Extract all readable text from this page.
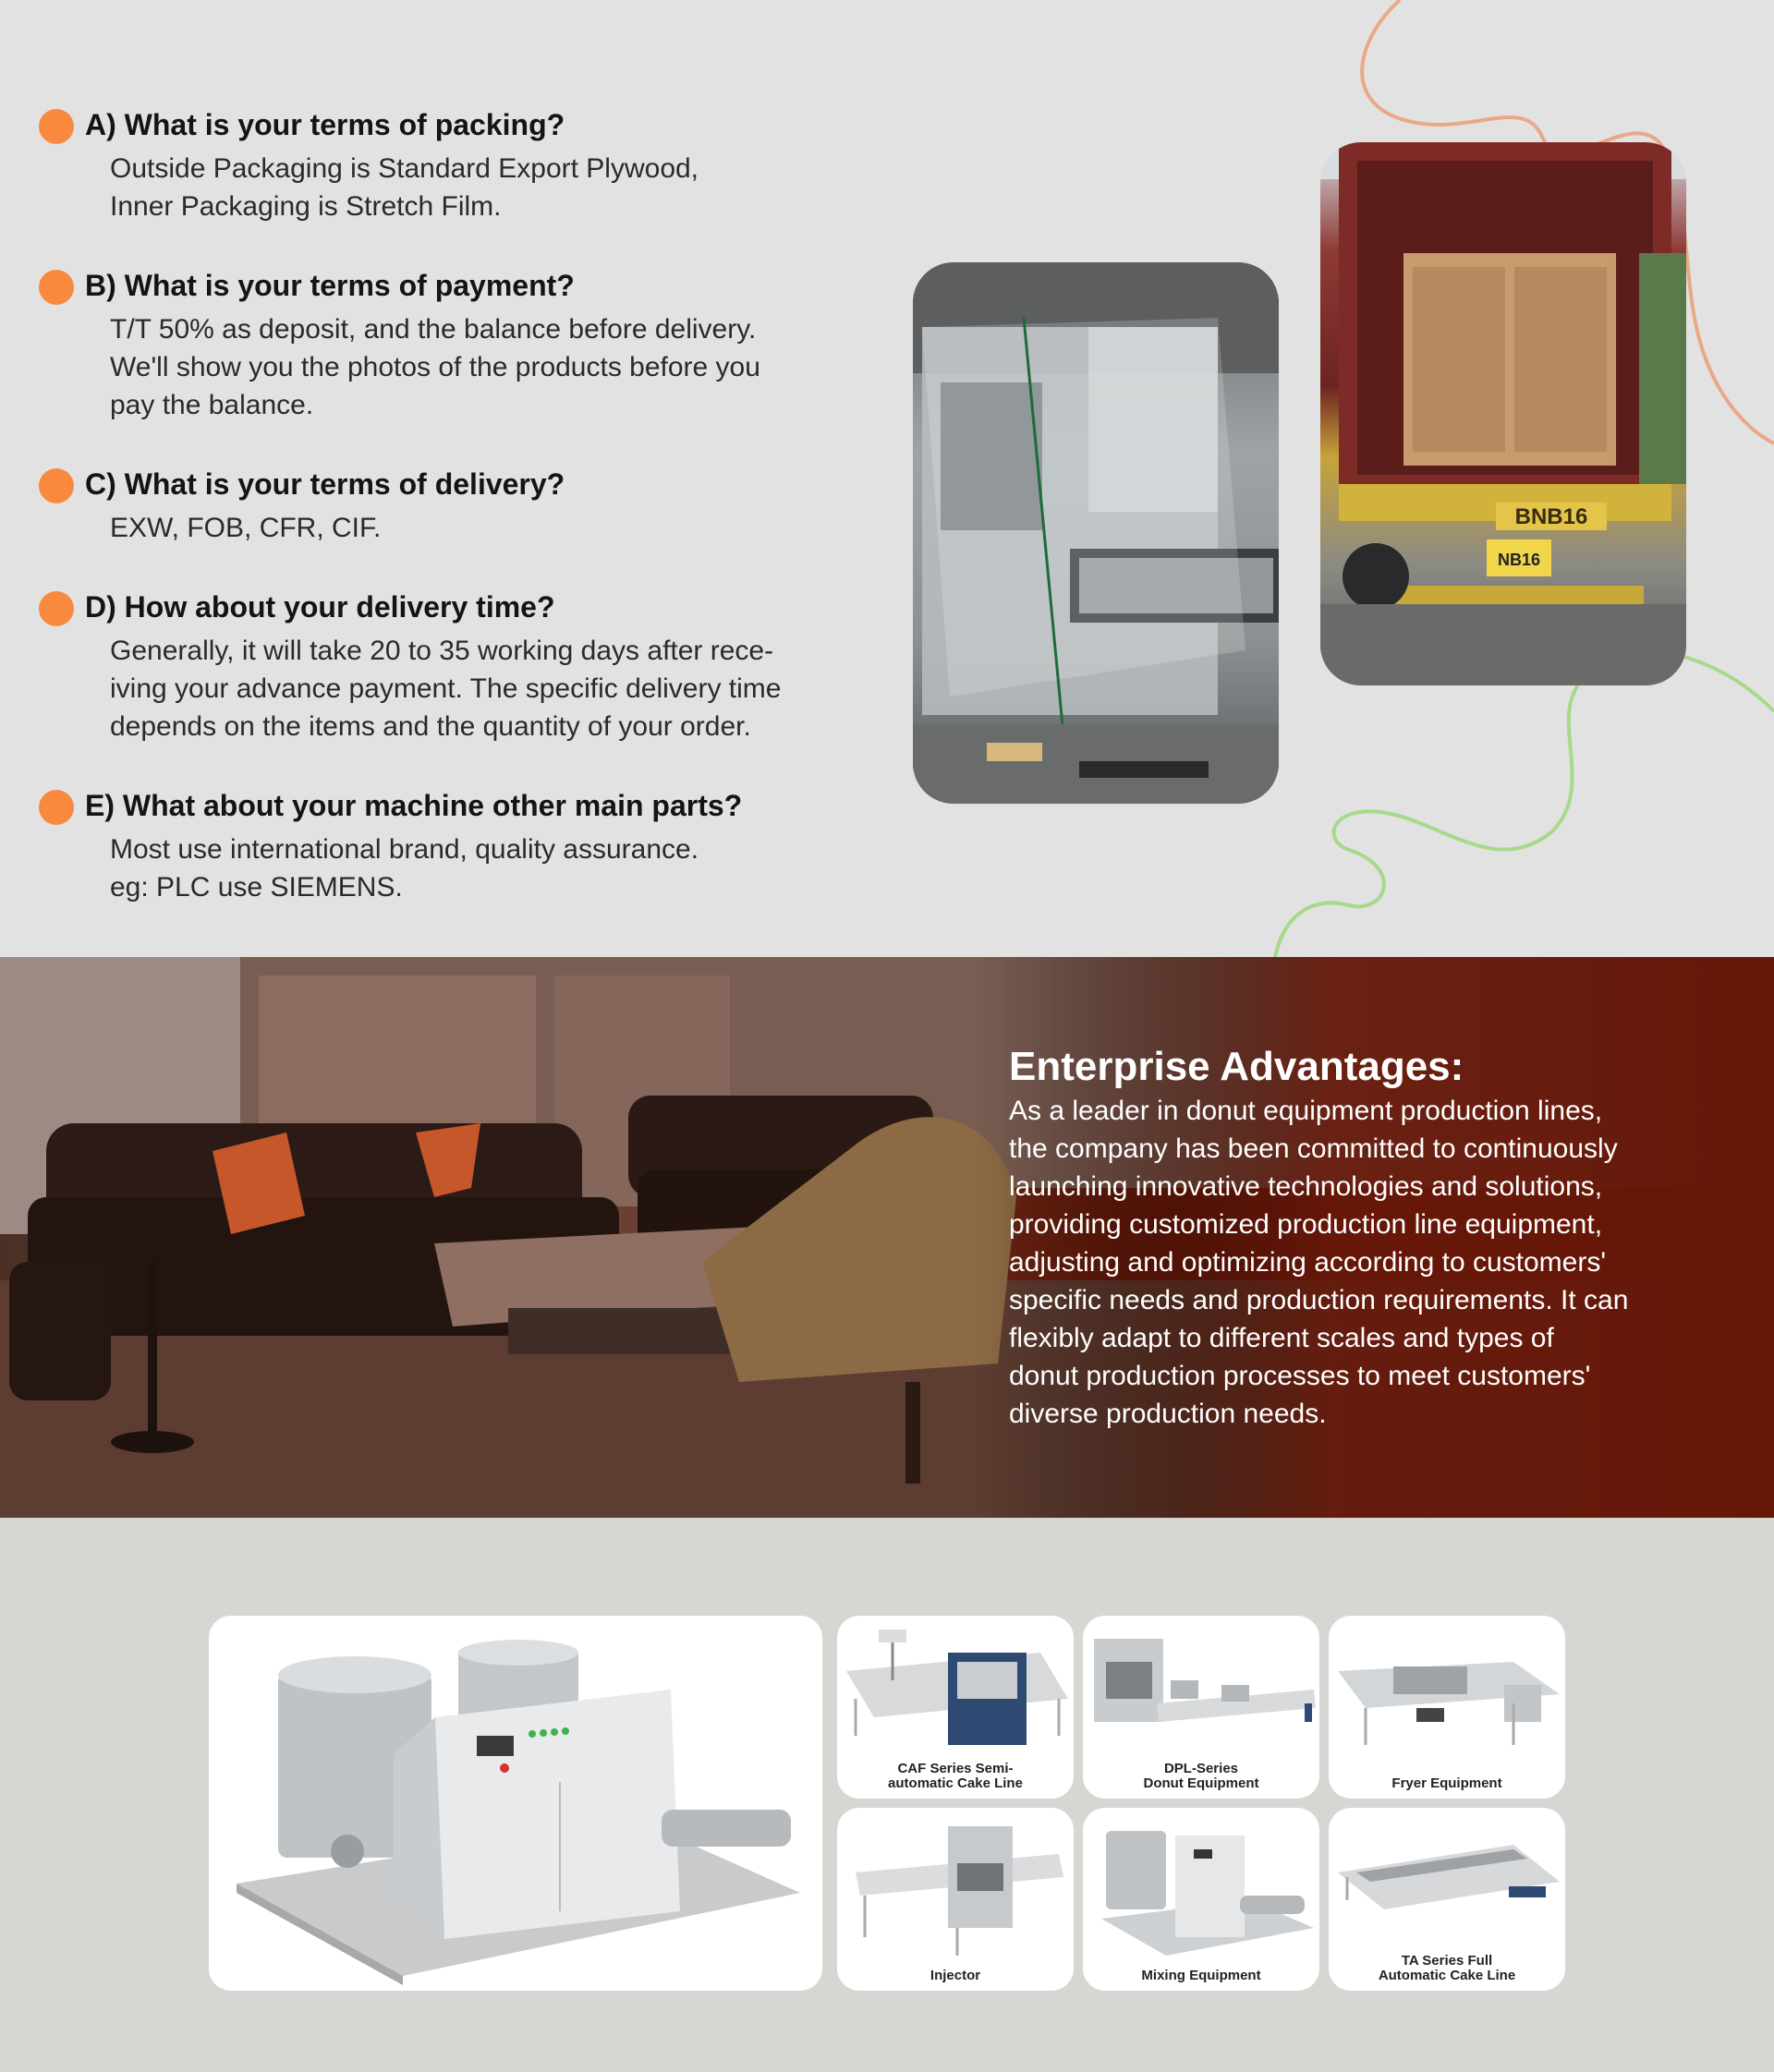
A) What is your terms of packing?

Outside Packaging is Standard Export Plywood,

Inner Packaging is Stretch Film.

B) What is your terms of payment?

T/T 50% as deposit, and the balance before delivery.

We'll show you the photos of the products before you

pay the balance.

C) What is your terms of delivery?

EXW, FOB, CFR, CIF.

D) How about your delivery time?

Generally, it will take 20 to 35 working days after rece-

iving your advance payment. The specific delivery time

depends on the items and the quantity of your order.

E) What about your machine other main parts?

Most use international brand, quality assurance.

eg: PLC use SIEMENS.

BNB16
NB16
Enterprise Advantages:

As a leader in donut equipment production lines,

the company has been committed to continuously

launching innovative technologies and solutions,

providing customized production line equipment,

adjusting and optimizing according to customers'

specific needs and production requirements. It can

flexibly adapt to different scales and types of

donut production processes to meet customers'

diverse production needs.

CAF Series Semi-
automatic Cake Line
DPL-Series
Donut Equipment	Fryer Equipment
Injector	Mixing Equipment
TA Series Full
Automatic Cake Line
